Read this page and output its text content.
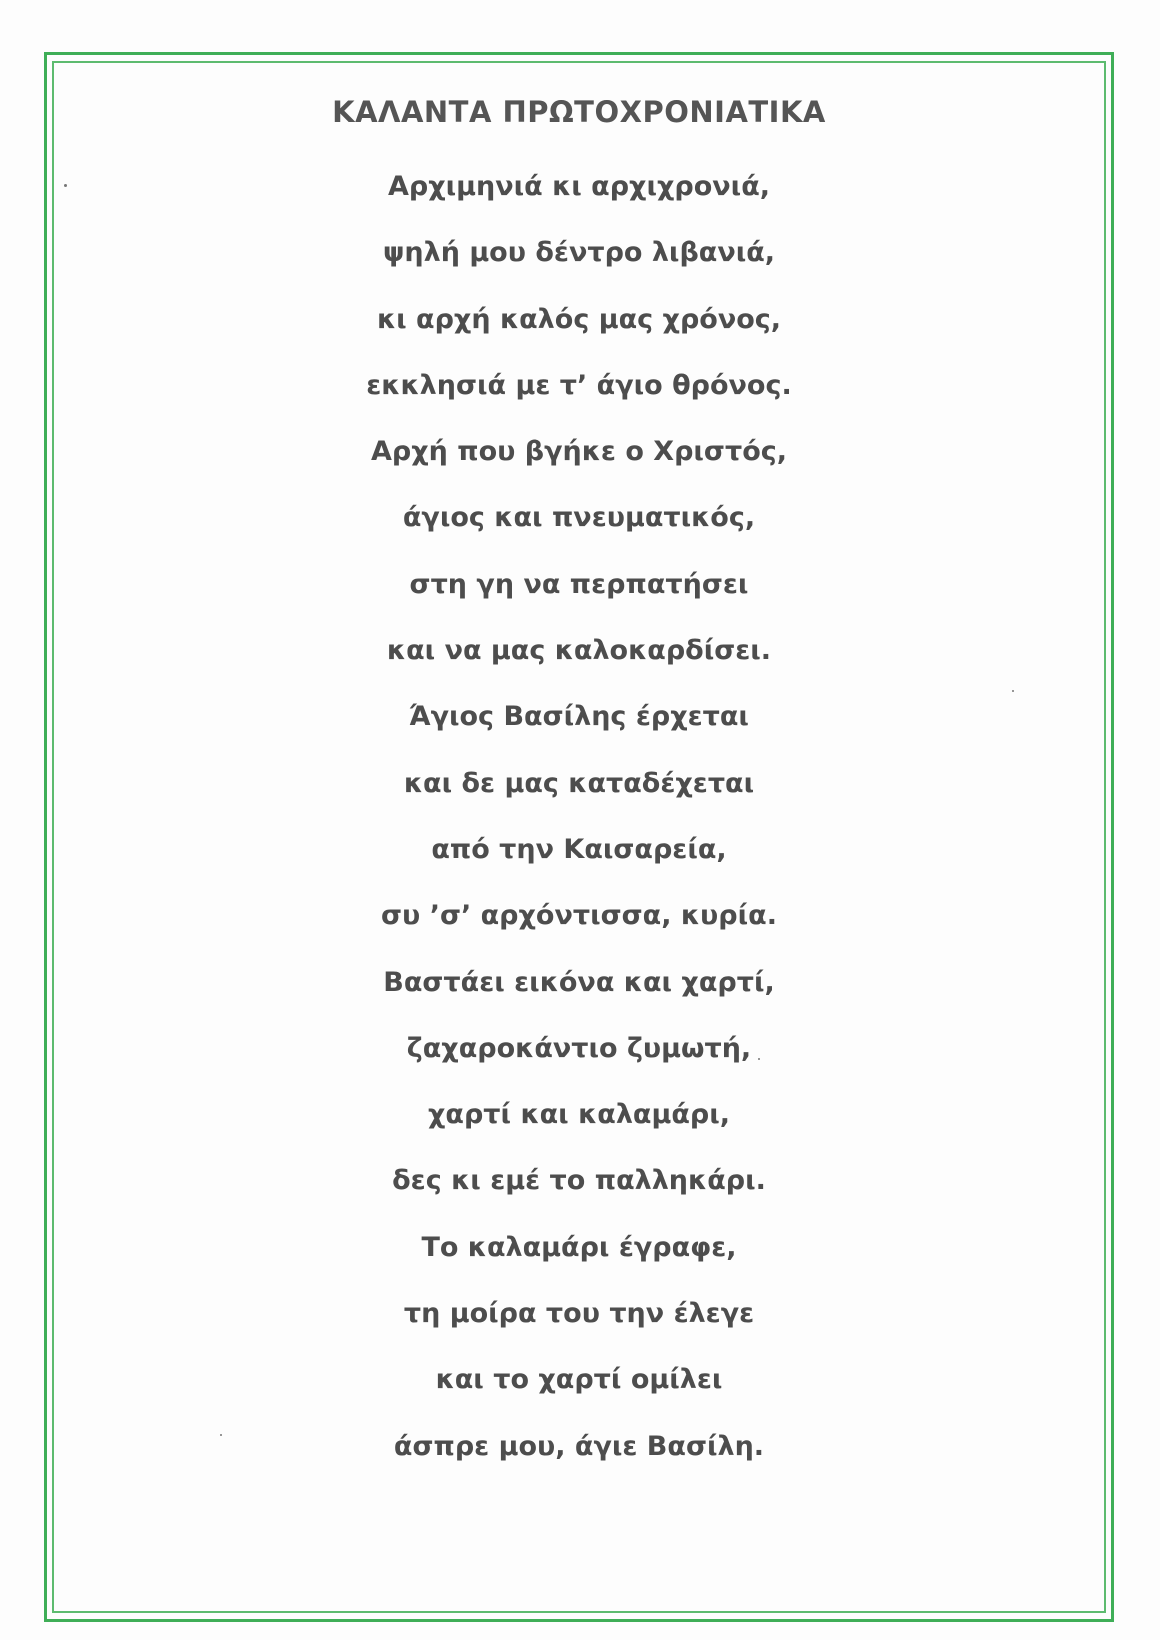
ΚΑΛΑΝΤΑ ΠΡΩΤΟΧΡΟΝΙΑΤΙΚΑ
Αρχιμηνιά κι αρχιχρονιά,
ψηλή μου δέντρο λιβανιά,
κι αρχή καλός μας χρόνος,
εκκλησιά με τ’ άγιο θρόνος.
Αρχή που βγήκε ο Χριστός,
άγιος και πνευματικός,
στη γη να περπατήσει
και να μας καλοκαρδίσει.
Άγιος Βασίλης έρχεται
και δε μας καταδέχεται
από την Καισαρεία,
συ ’σ’ αρχόντισσα, κυρία.
Βαστάει εικόνα και χαρτί,
ζαχαροκάντιο ζυμωτή,
χαρτί και καλαμάρι,
δες κι εμέ το παλληκάρι.
Το καλαμάρι έγραφε,
τη μοίρα του την έλεγε
και το χαρτί ομίλει
άσπρε μου, άγιε Βασίλη.
